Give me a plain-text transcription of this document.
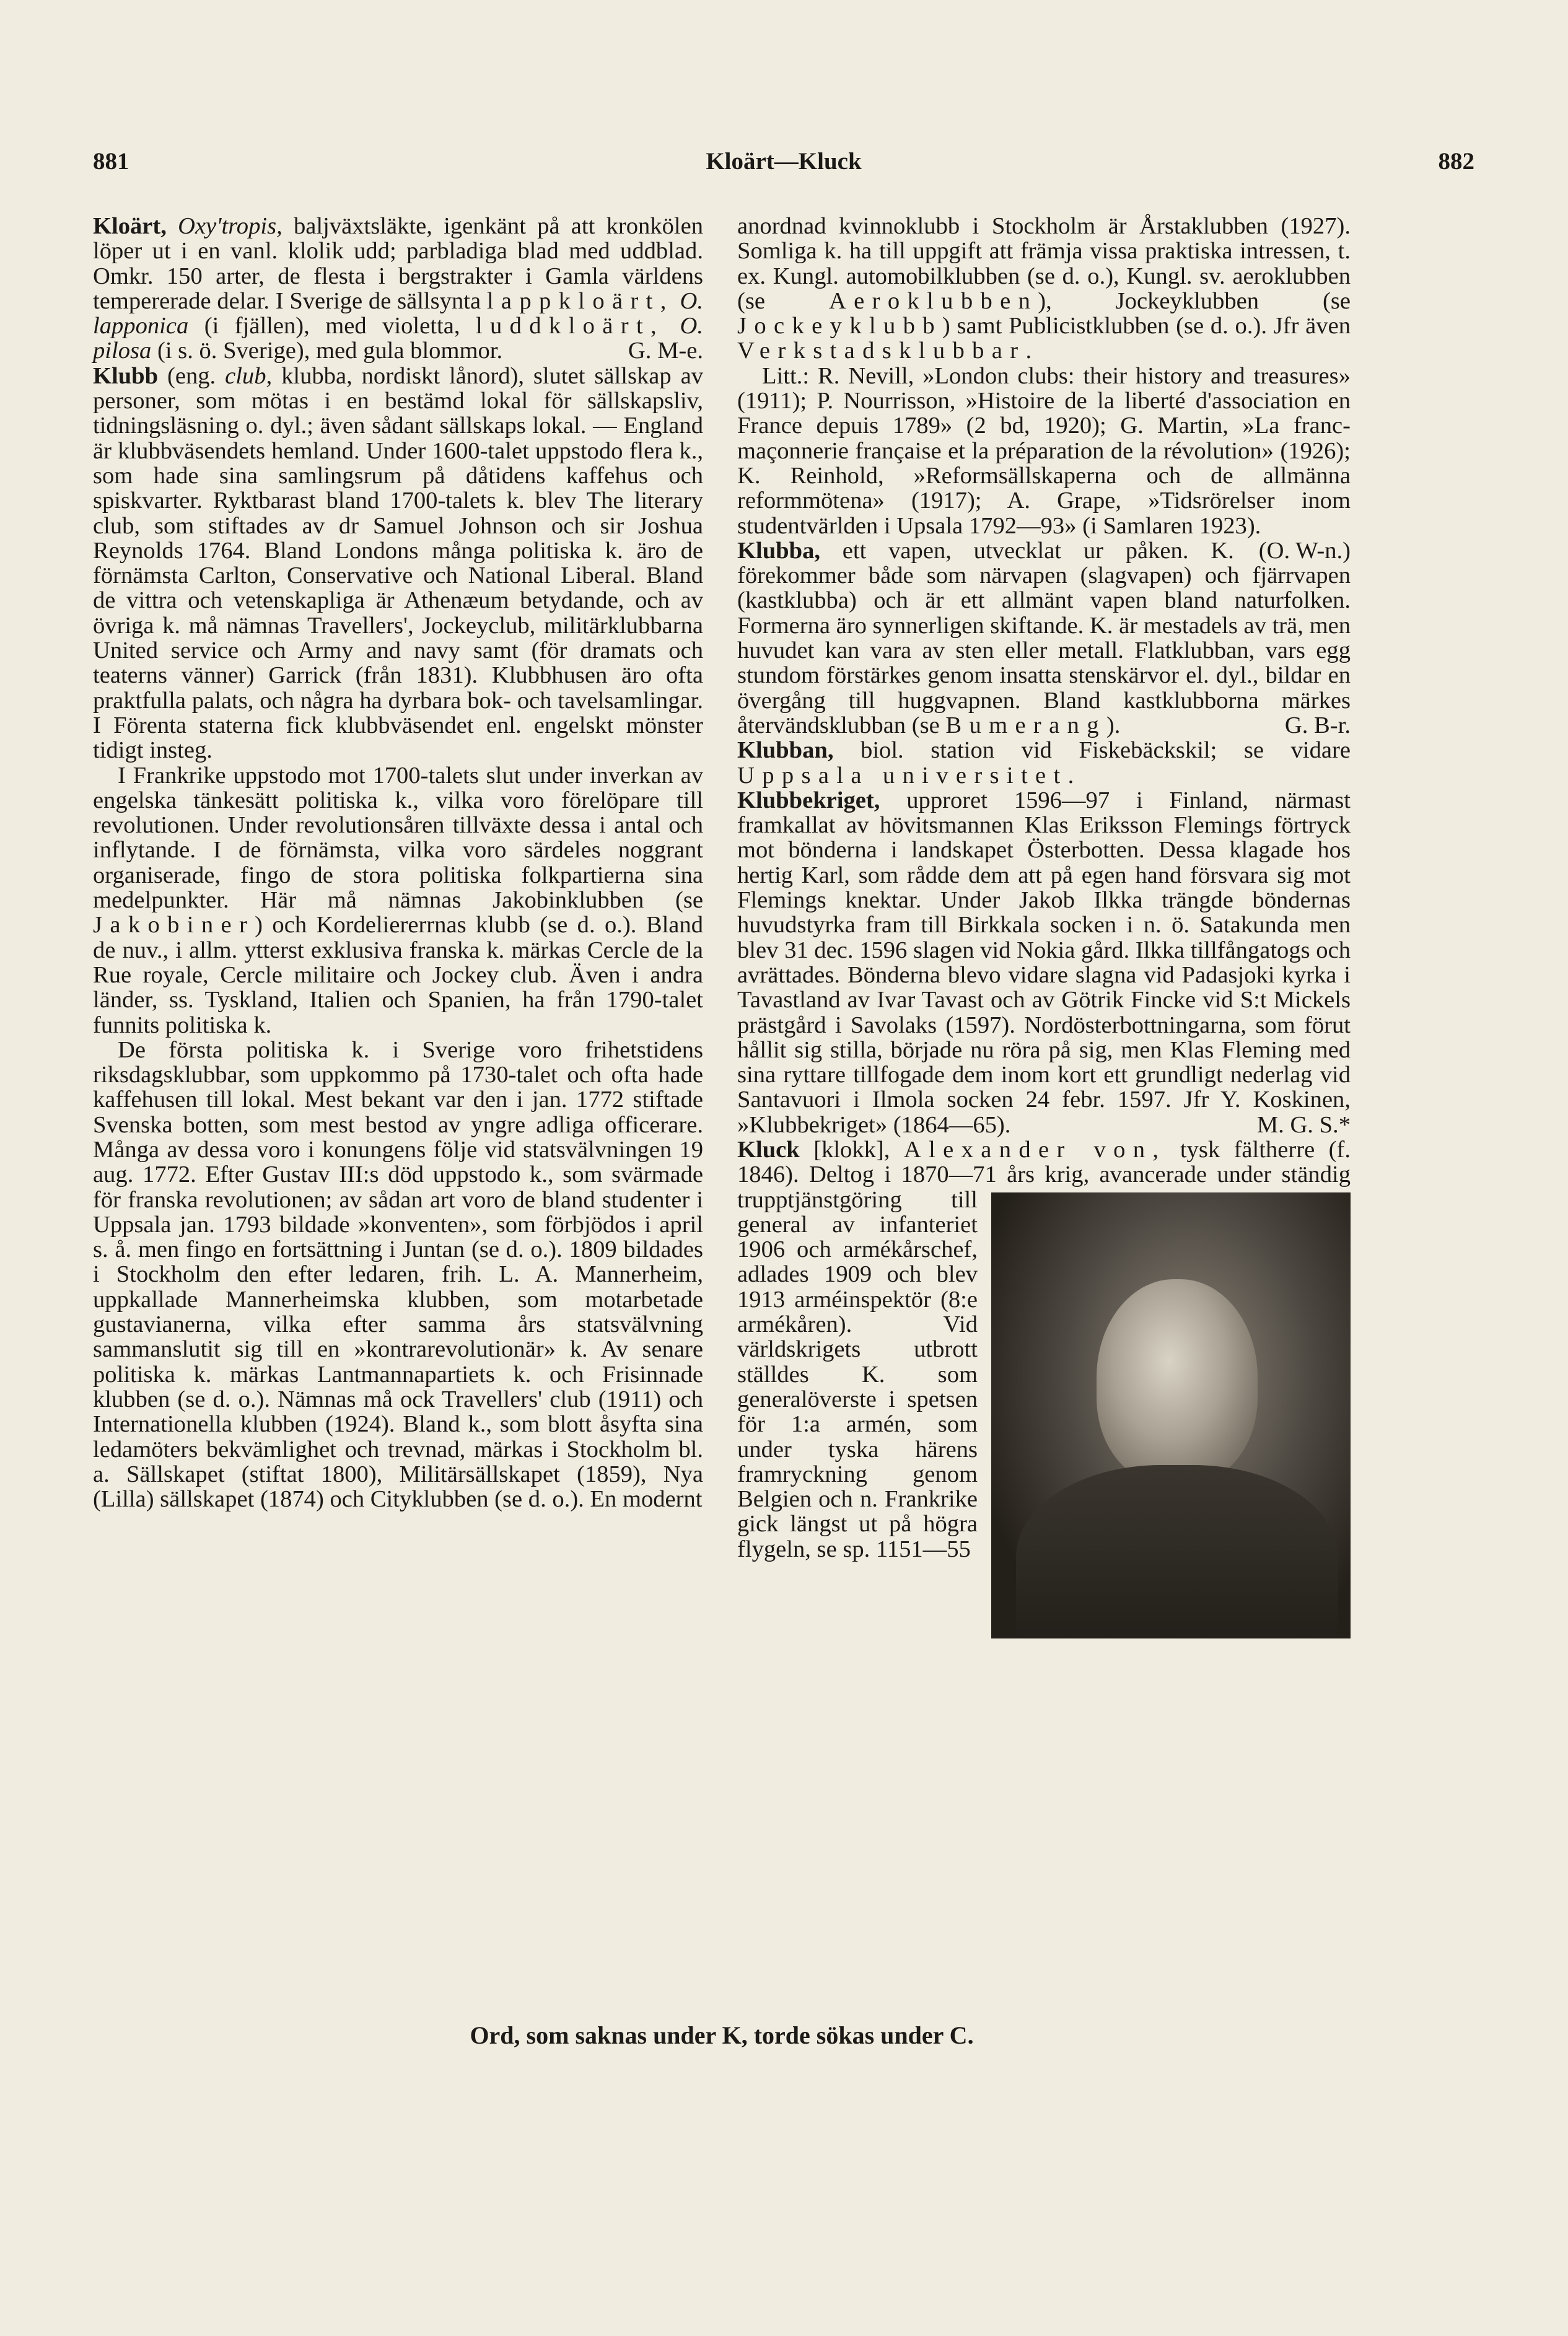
881	Kloärt—Kluck	882

Kloärt, Oxy'tropis, baljväxtsläkte, igenkänt på att kronkölen löper ut i en vanl. klolik udd; parbladiga blad med uddblad. Omkr. 150 arter, de flesta i bergstrakter i Gamla världens tempererade delar. I Sverige de sällsynta lappkloärt, O. lapponica (i fjällen), med violetta, luddkloärt, O. pilosa (i s. ö. Sverige), med gula blommor.	G. M-e.

Klubb (eng. club, klubba, nordiskt lånord), slutet sällskap av personer, som mötas i en bestämd lokal för sällskapsliv, tidningsläsning o. dyl.; även sådant sällskaps lokal. — England är klubbväsendets hemland. Under 1600-talet uppstodo flera k., som hade sina samlingsrum på dåtidens kaffehus och spiskvarter. Ryktbarast bland 1700-talets k. blev The literary club, som stiftades av dr Samuel Johnson och sir Joshua Reynolds 1764. Bland Londons många politiska k. äro de förnämsta Carlton, Conservative och National Liberal. Bland de vittra och vetenskapliga är Athenæum betydande, och av övriga k. må nämnas Travellers', Jockeyclub, militärklubbarna United service och Army and navy samt (för dramats och teaterns vänner) Garrick (från 1831). Klubbhusen äro ofta praktfulla palats, och några ha dyrbara bok- och tavelsamlingar. I Förenta staterna fick klubbväsendet enl. engelskt mönster tidigt insteg.

I Frankrike uppstodo mot 1700-talets slut under inverkan av engelska tänkesätt politiska k., vilka voro förelöpare till revolutionen. Under revolutionsåren tillväxte dessa i antal och inflytande. I de förnämsta, vilka voro särdeles noggrant organiserade, fingo de stora politiska folkpartierna sina medelpunkter. Här må nämnas Jakobinklubben (se Jakobiner) och Kordeliererrnas klubb (se d. o.). Bland de nuv., i allm. ytterst exklusiva franska k. märkas Cercle de la Rue royale, Cercle militaire och Jockey club. Även i andra länder, ss. Tyskland, Italien och Spanien, ha från 1790-talet funnits politiska k.

De första politiska k. i Sverige voro frihetstidens riksdagsklubbar, som uppkommo på 1730-talet och ofta hade kaffehusen till lokal. Mest bekant var den i jan. 1772 stiftade Svenska botten, som mest bestod av yngre adliga officerare. Många av dessa voro i konungens följe vid statsvälvningen 19 aug. 1772. Efter Gustav III:s död uppstodo k., som svärmade för franska revolutionen; av sådan art voro de bland studenter i Uppsala jan. 1793 bildade »konventen», som förbjödos i april s. å. men fingo en fortsättning i Juntan (se d. o.). 1809 bildades i Stockholm den efter ledaren, frih. L. A. Mannerheim, uppkallade Mannerheimska klubben, som motarbetade gustavianerna, vilka efter samma års statsvälvning sammanslutit sig till en »kontrarevolutionär» k. Av senare politiska k. märkas Lantmannapartiets k. och Frisinnade klubben (se d. o.). Nämnas må ock Travellers' club (1911) och Internationella klubben (1924). Bland k., som blott åsyfta sina ledamöters bekvämlighet och trevnad, märkas i Stockholm bl. a. Sällskapet (stiftat 1800), Militärsällskapet (1859), Nya (Lilla) sällskapet (1874) och Cityklubben (se d. o.). En modernt

anordnad kvinnoklubb i Stockholm är Årstaklubben (1927). Somliga k. ha till uppgift att främja vissa praktiska intressen, t. ex. Kungl. automobilklubben (se d. o.), Kungl. sv. aeroklubben (se Aeroklubben), Jockeyklubben (se Jockeyklubb) samt Publicistklubben (se d. o.). Jfr även Verkstadsklubbar.

Litt.: R. Nevill, »London clubs: their history and treasures» (1911); P. Nourrisson, »Histoire de la liberté d'association en France depuis 1789» (2 bd, 1920); G. Martin, »La franc-maçonnerie française et la préparation de la révolution» (1926); K. Reinhold, »Reformsällskaperna och de allmänna reformmötena» (1917); A. Grape, »Tidsrörelser inom studentvärlden i Upsala 1792—93» (i Samlaren 1923).
(O. W-n.)

Klubba, ett vapen, utvecklat ur påken. K. förekommer både som närvapen (slagvapen) och fjärrvapen (kastklubba) och är ett allmänt vapen bland naturfolken. Formerna äro synnerligen skiftande. K. är mestadels av trä, men huvudet kan vara av sten eller metall. Flatklubban, vars egg stundom förstärkes genom insatta stenskärvor el. dyl., bildar en övergång till huggvapnen. Bland kastklubborna märkes återvändsklubban (se Bumerang).	G. B-r.

Klubban, biol. station vid Fiskebäckskil; se vidare Uppsala universitet.

Klubbekriget, upproret 1596—97 i Finland, närmast framkallat av hövitsmannen Klas Eriksson Flemings förtryck mot bönderna i landskapet Österbotten. Dessa klagade hos hertig Karl, som rådde dem att på egen hand försvara sig mot Flemings knektar. Under Jakob Ilkka trängde böndernas huvudstyrka fram till Birkkala socken i n. ö. Satakunda men blev 31 dec. 1596 slagen vid Nokia gård. Ilkka tillfångatogs och avrättades. Bönderna blevo vidare slagna vid Padasjoki kyrka i Tavastland av Ivar Tavast och av Götrik Fincke vid S:t Mickels prästgård i Savolaks (1597). Nordösterbottningarna, som förut hållit sig stilla, började nu röra på sig, men Klas Fleming med sina ryttare tillfogade dem inom kort ett grundligt nederlag vid Santavuori i Ilmola socken 24 febr. 1597. Jfr Y. Koskinen, »Klubbekriget» (1864—65).	M. G. S.*

Kluck [klokk], Alexander von, tysk fältherre (f. 1846). Deltog i 1870—71 års
krig, avancerade under ständig trupptjänstgöring till general av infanteriet 1906 och armékårschef, adlades 1909 och blev 1913 arméinspektör (8:e armékåren). Vid världskrigets utbrott ställdes K. som generalöverste i spetsen för 1:a armén, som under tyska härens framryckning genom Belgien och n. Frankrike gick längst ut på högra flygeln, se sp. 1151—55

Ord, som saknas under K, torde sökas under C.
